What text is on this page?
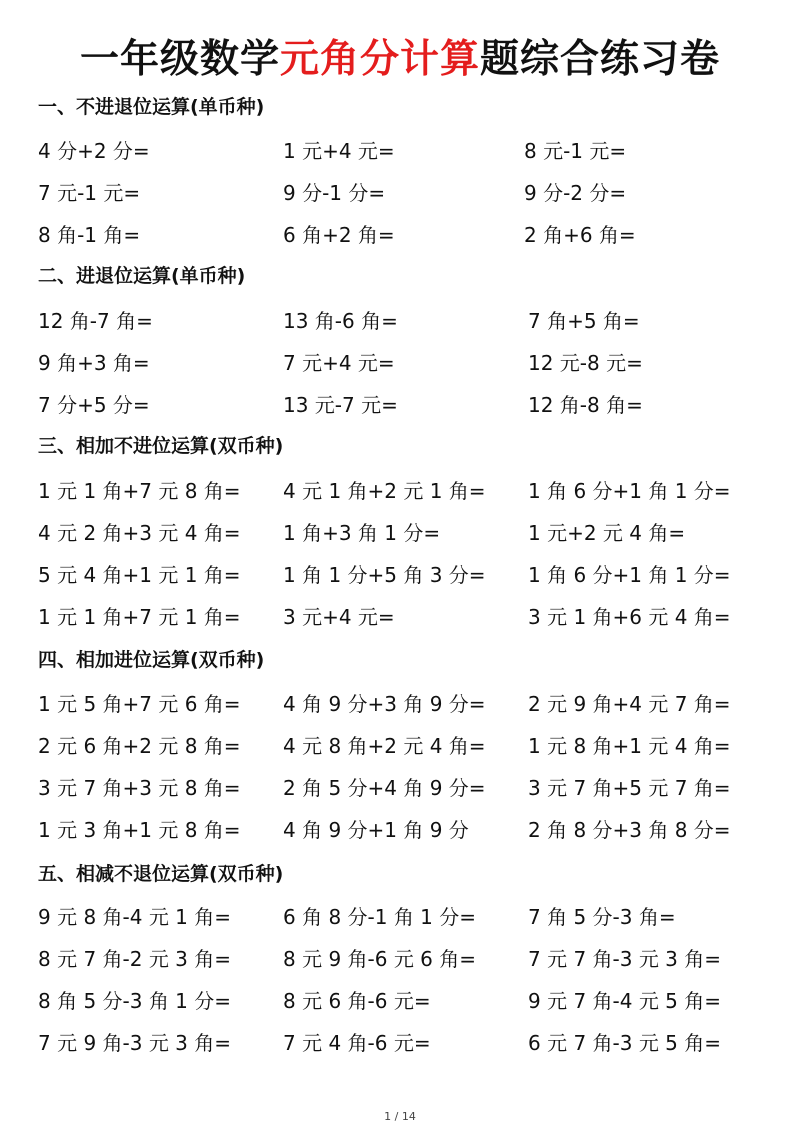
一年级数学元角分计算题综合练习卷
一、不进退位运算(单币种)
4 分+2 分=	1 元+4 元=	8 元-1 元=
7 元-1 元=	9 分-1 分=	9 分-2 分=
8 角-1 角=	6 角+2 角=	2 角+6 角=
二、进退位运算(单币种)
12 角-7 角=	13 角-6 角=	7 角+5 角=
9 角+3 角=	7 元+4 元=	12 元-8 元=
7 分+5 分=	13 元-7 元=	12 角-8 角=
三、相加不进位运算(双币种)
1 元 1 角+7 元 8 角= 4 元 1 角+2 元 1 角= 1 角 6 分+1 角 1 分=
4 元 2 角+3 元 4 角= 1 角+3 角 1 分=	1 元+2 元 4 角=
5 元 4 角+1 元 1 角= 1 角 1 分+5 角 3 分= 1 角 6 分+1 角 1 分=
1 元 1 角+7 元 1 角= 3 元+4 元=	3 元 1 角+6 元 4 角=
四、相加进位运算(双币种)
1 元 5 角+7 元 6 角= 4 角 9 分+3 角 9 分= 2 元 9 角+4 元 7 角=
2 元 6 角+2 元 8 角= 4 元 8 角+2 元 4 角= 1 元 8 角+1 元 4 角=
3 元 7 角+3 元 8 角= 2 角 5 分+4 角 9 分= 3 元 7 角+5 元 7 角=
1 元 3 角+1 元 8 角= 4 角 9 分+1 角 9 分	2 角 8 分+3 角 8 分=
五、相减不退位运算(双币种)
9 元 8 角-4 元 1 角=	6 角 8 分-1 角 1 分=	7 角 5 分-3 角=
8 元 7 角-2 元 3 角=	8 元 9 角-6 元 6 角=	7 元 7 角-3 元 3 角=
8 角 5 分-3 角 1 分=	8 元 6 角-6 元=	9 元 7 角-4 元 5 角=
7 元 9 角-3 元 3 角=	7 元 4 角-6 元=	6 元 7 角-3 元 5 角=
1 / 14
